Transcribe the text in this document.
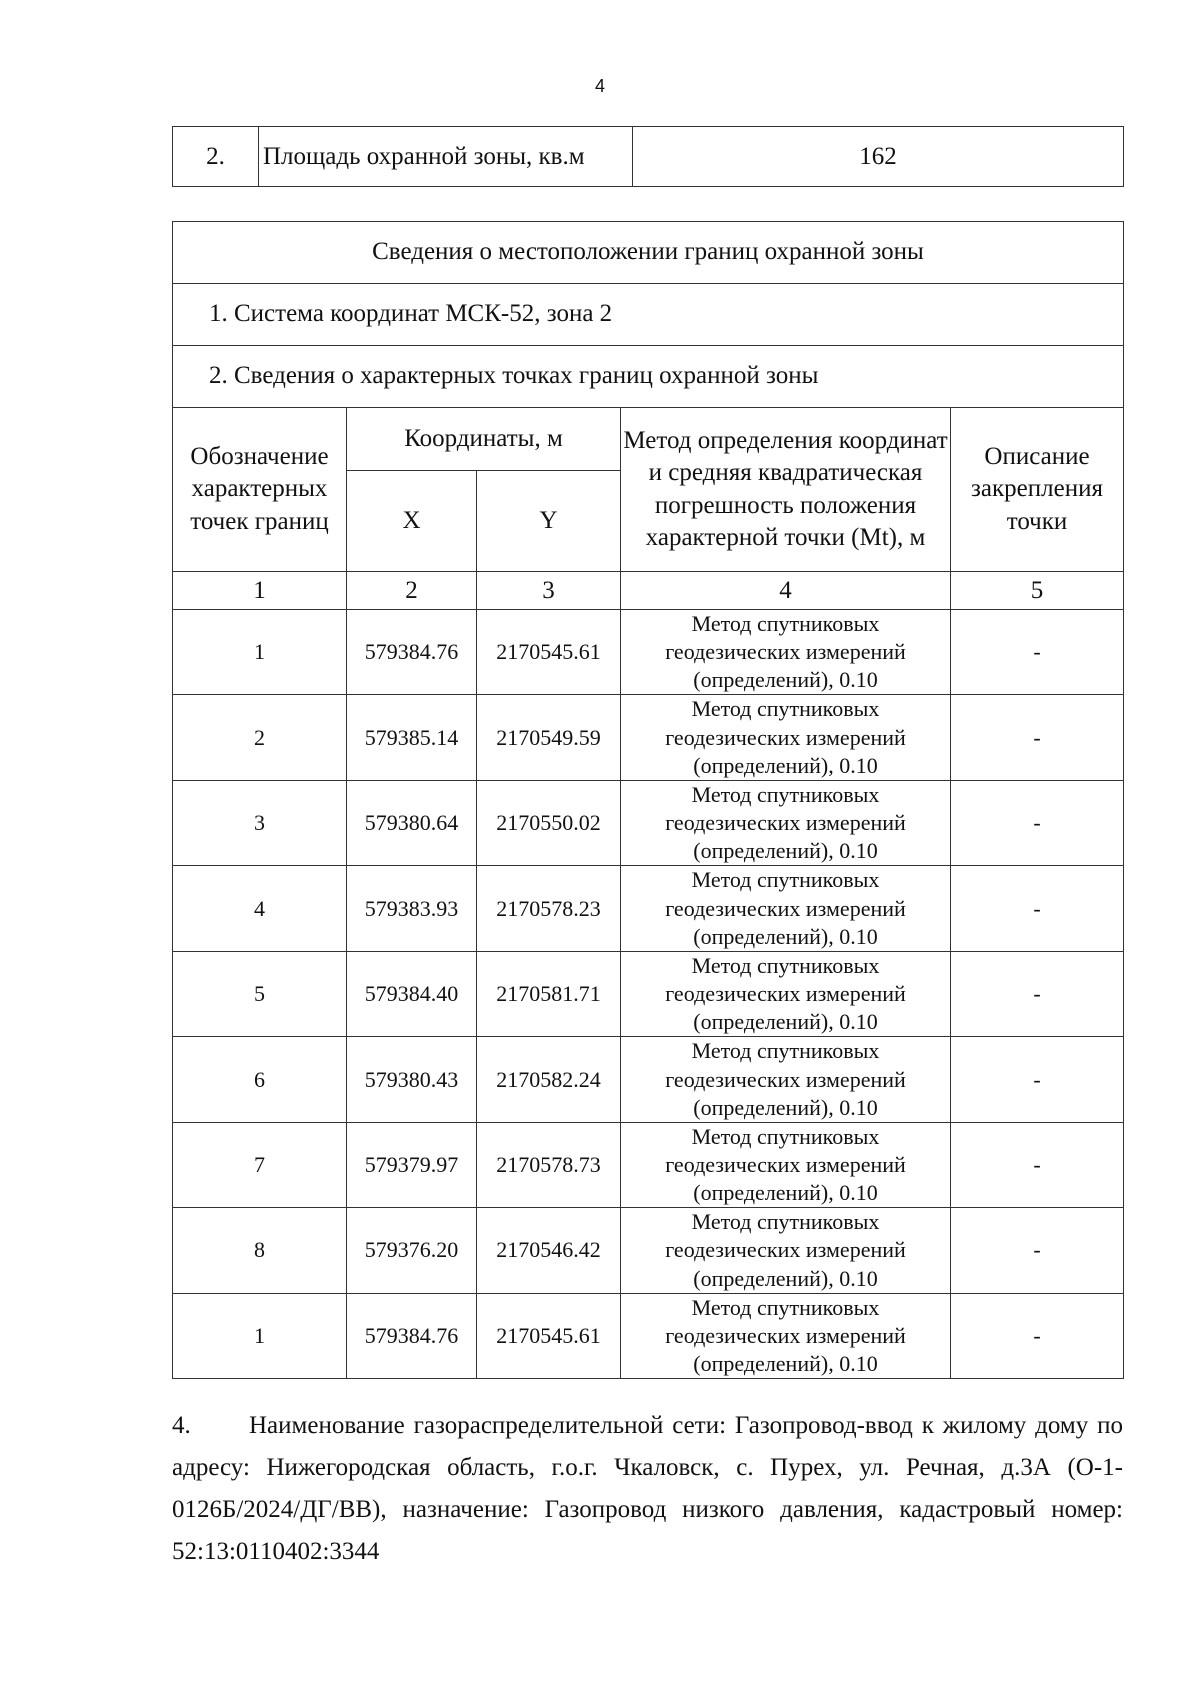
4
2.	Площадь охранной зоны, кв.м	162
Сведения о местоположении границ охранной зоны				
1. Система координат МСК-52, зона 2				
2. Сведения о характерных точках границ охранной зоны				
Обозначение характерных точек границ	Координаты, м		Метод определения координат и средняя квадратическая погрешность положения характерной точки (Mt), м	Описание закрепления точки
	X	Y		
1	2	3	4	5
1	579384.76	2170545.61	Метод спутниковых
геодезических измерений
(определений), 0.10	-
2	579385.14	2170549.59	Метод спутниковых
геодезических измерений
(определений), 0.10	-
3	579380.64	2170550.02	Метод спутниковых
геодезических измерений
(определений), 0.10	-
4	579383.93	2170578.23	Метод спутниковых
геодезических измерений
(определений), 0.10	-
5	579384.40	2170581.71	Метод спутниковых
геодезических измерений
(определений), 0.10	-
6	579380.43	2170582.24	Метод спутниковых
геодезических измерений
(определений), 0.10	-
7	579379.97	2170578.73	Метод спутниковых
геодезических измерений
(определений), 0.10	-
8	579376.20	2170546.42	Метод спутниковых
геодезических измерений
(определений), 0.10	-
1	579384.76	2170545.61	Метод спутниковых
геодезических измерений
(определений), 0.10	-
4. Наименование газораспределительной сети: Газопровод-ввод к жилому дому по адресу: Нижегородская область, г.о.г. Чкаловск, с. Пурех, ул. Речная, д.3А (О-1-0126Б/2024/ДГ/ВВ), назначение: Газопровод низкого давления, кадастровый номер: 52:13:0110402:3344
